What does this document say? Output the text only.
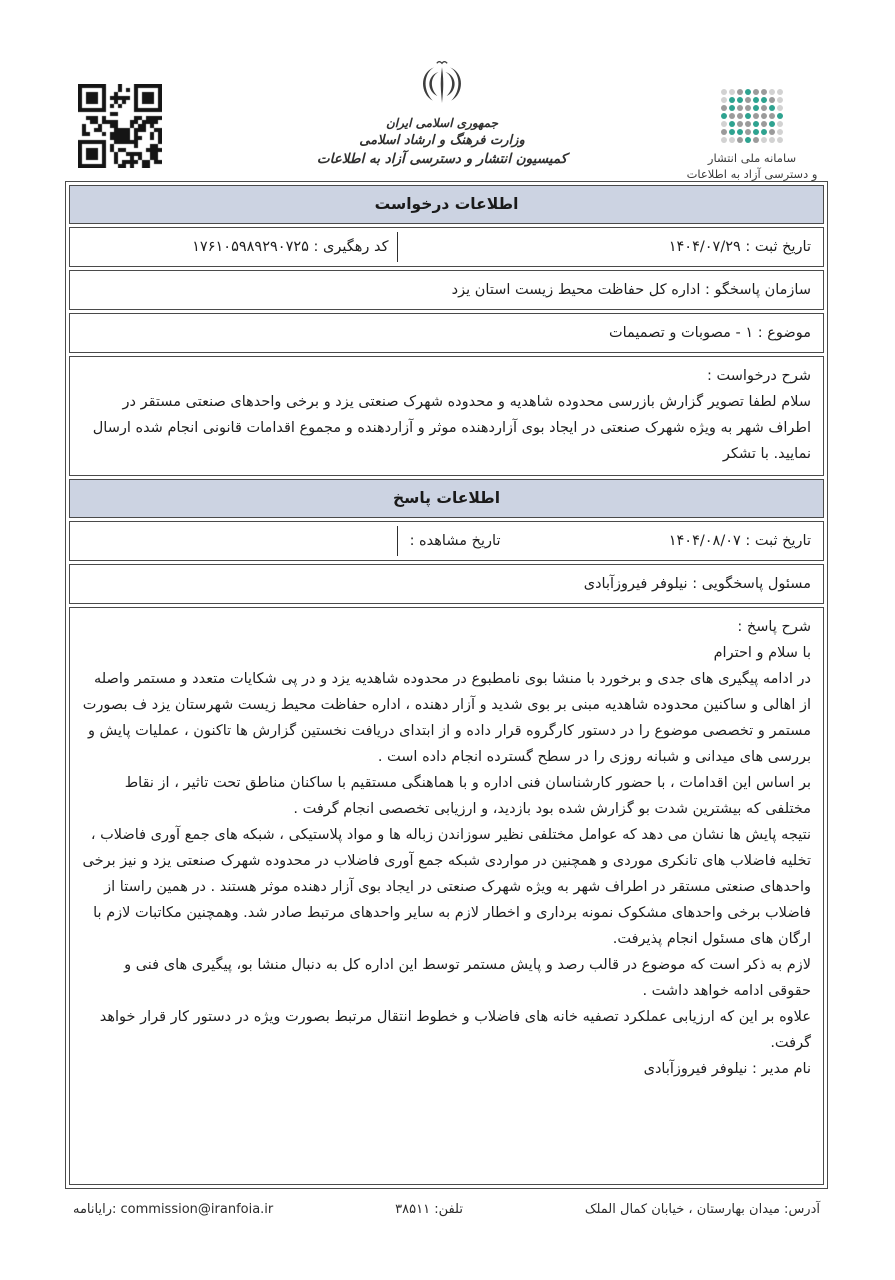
جمهوری اسلامی ایران
وزارت فرهنگ و ارشاد اسلامی
کمیسیون انتشار و دسترسی آزاد به اطلاعات	سامانه ملی انتشار
و دسترسی آزاد به اطلاعات
اطلاعات درخواست
تاریخ ثبت : ۱۴۰۴/۰۷/۲۹
کد رهگیری : ۱۷۶۱۰۵۹۸۹۲۹۰۷۲۵
سازمان پاسخگو : اداره کل حفاظت محیط زیست استان یزد
موضوع : ۱ - مصوبات و تصمیمات
شرح درخواست :
سلام لطفا تصویر گزارش بازرسی محدوده شاهدیه و محدوده شهرک صنعتی یزد و برخی واحدهای صنعتی مستقر در اطراف شهر به ویژه شهرک صنعتی در ایجاد بوی آزاردهنده موثر و آزاردهنده و مجموع اقدامات قانونی انجام شده ارسال نمایید. با تشکر
اطلاعات پاسخ
تاریخ ثبت : ۱۴۰۴/۰۸/۰۷
تاریخ مشاهده :
مسئول پاسخگویی : نیلوفر فیروزآبادی
شرح پاسخ :
با سلام و احترام
در ادامه پیگیری های جدی و برخورد با منشا بوی نامطبوع در محدوده شاهدیه یزد و در پی شکایات متعدد و مستمر واصله از اهالی و ساکنین محدوده شاهدیه مبنی بر بوی شدید و آزار دهنده ، اداره حفاظت محیط زیست شهرستان یزد ف بصورت مستمر و تخصصی موضوع را در دستور کارگروه قرار داده و از ابتدای دریافت نخستین گزارش ها تاکنون ، عملیات پایش و بررسی های میدانی و شبانه روزی را در سطح گسترده انجام داده است .
بر اساس این اقدامات ، با حضور کارشناسان فنی اداره و با هماهنگی مستقیم با ساکنان مناطق تحت تاثیر ، از نقاط مختلفی که بیشترین شدت بو گزارش شده بود بازدید، و ارزیابی تخصصی انجام گرفت .
نتیجه پایش ها نشان می دهد که عوامل مختلفی نظیر سوزاندن زباله ها و مواد پلاستیکی ، شبکه های جمع آوری فاضلاب ، تخلیه فاضلاب های تانکری موردی و همچنین در مواردی شبکه جمع آوری فاضلاب در محدوده شهرک صنعتی یزد و نیز برخی واحدهای صنعتی مستقر در اطراف شهر به ویژه شهرک صنعتی در ایجاد بوی آزار دهنده موثر هستند . در همین راستا از فاضلاب برخی واحدهای مشکوک نمونه برداری و اخطار لازم به سایر واحدهای مرتبط صادر شد. وهمچنین مکاتبات لازم با ارگان های مسئول انجام پذیرفت.
لازم به ذکر است که موضوع در قالب رصد و پایش مستمر توسط این اداره کل به دنبال منشا بو، پیگیری های فنی و حقوقی ادامه خواهد داشت .
علاوه بر این که ارزیابی عملکرد تصفیه خانه های فاضلاب و خطوط انتقال مرتبط بصورت ویژه در دستور کار قرار خواهد گرفت.
نام مدیر : نیلوفر فیروزآبادی
آدرس: میدان بهارستان ، خیابان کمال الملک
تلفن: ۳۸۵۱۱
رایانامه: commission@iranfoia.ir
